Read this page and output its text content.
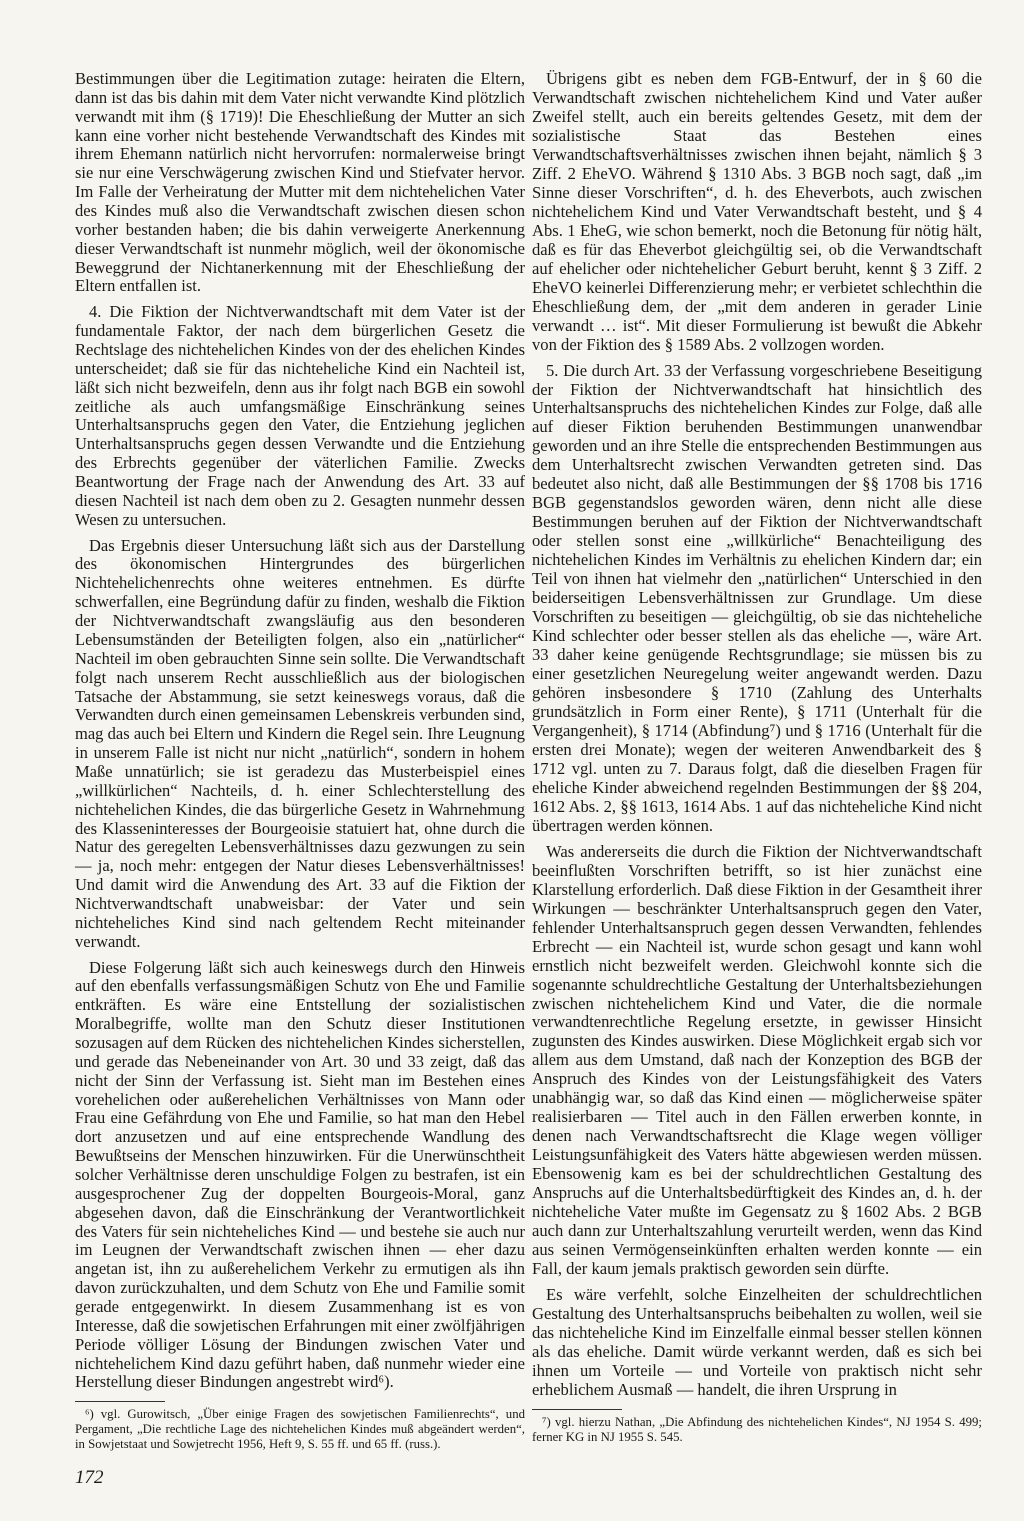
Bestimmungen über die Legitimation zutage: heiraten die Eltern, dann ist das bis dahin mit dem Vater nicht verwandte Kind plötzlich verwandt mit ihm (§ 1719)! Die Eheschließung der Mutter an sich kann eine vorher nicht bestehende Verwandtschaft des Kindes mit ihrem Ehemann natürlich nicht hervorrufen: normalerweise bringt sie nur eine Verschwägerung zwischen Kind und Stiefvater hervor. Im Falle der Verheiratung der Mutter mit dem nichtehelichen Vater des Kindes muß also die Verwandtschaft zwischen diesen schon vorher bestanden haben; die bis dahin verweigerte Anerkennung dieser Verwandtschaft ist nunmehr möglich, weil der ökonomische Beweggrund der Nichtanerkennung mit der Eheschließung der Eltern entfallen ist.

4. Die Fiktion der Nichtverwandtschaft mit dem Vater ist der fundamentale Faktor, der nach dem bürgerlichen Gesetz die Rechtslage des nichtehelichen Kindes von der des ehelichen Kindes unterscheidet; daß sie für das nichteheliche Kind ein Nachteil ist, läßt sich nicht bezweifeln, denn aus ihr folgt nach BGB ein sowohl zeitliche als auch umfangsmäßige Einschränkung seines Unterhaltsanspruchs gegen den Vater, die Entziehung jeglichen Unterhaltsanspruchs gegen dessen Verwandte und die Entziehung des Erbrechts gegenüber der väterlichen Familie. Zwecks Beantwortung der Frage nach der Anwendung des Art. 33 auf diesen Nachteil ist nach dem oben zu 2. Gesagten nunmehr dessen Wesen zu untersuchen.

Das Ergebnis dieser Untersuchung läßt sich aus der Darstellung des ökonomischen Hintergrundes des bürgerlichen Nichtehelichenrechts ohne weiteres entnehmen. Es dürfte schwerfallen, eine Begründung dafür zu finden, weshalb die Fiktion der Nichtverwandtschaft zwangsläufig aus den besonderen Lebensumständen der Beteiligten folgen, also ein „natürlicher“ Nachteil im oben gebrauchten Sinne sein sollte. Die Verwandtschaft folgt nach unserem Recht ausschließlich aus der biologischen Tatsache der Abstammung, sie setzt keineswegs voraus, daß die Verwandten durch einen gemeinsamen Lebenskreis verbunden sind, mag das auch bei Eltern und Kindern die Regel sein. Ihre Leugnung in unserem Falle ist nicht nur nicht „natürlich“, sondern in hohem Maße unnatürlich; sie ist geradezu das Musterbeispiel eines „willkürlichen“ Nachteils, d. h. einer Schlechterstellung des nichtehelichen Kindes, die das bürgerliche Gesetz in Wahrnehmung des Klasseninteresses der Bourgeoisie statuiert hat, ohne durch die Natur des geregelten Lebensverhältnisses dazu gezwungen zu sein — ja, noch mehr: entgegen der Natur dieses Lebensverhältnisses! Und damit wird die Anwendung des Art. 33 auf die Fiktion der Nichtverwandtschaft unabweisbar: der Vater und sein nichteheliches Kind sind nach geltendem Recht miteinander verwandt.

Diese Folgerung läßt sich auch keineswegs durch den Hinweis auf den ebenfalls verfassungsmäßigen Schutz von Ehe und Familie entkräften. Es wäre eine Entstellung der sozialistischen Moralbegriffe, wollte man den Schutz dieser Institutionen sozusagen auf dem Rücken des nichtehelichen Kindes sicherstellen, und gerade das Nebeneinander von Art. 30 und 33 zeigt, daß das nicht der Sinn der Verfassung ist. Sieht man im Bestehen eines vorehelichen oder außerehelichen Verhältnisses von Mann oder Frau eine Gefährdung von Ehe und Familie, so hat man den Hebel dort anzusetzen und auf eine entsprechende Wandlung des Bewußtseins der Menschen hinzuwirken. Für die Unerwünschtheit solcher Verhältnisse deren unschuldige Folgen zu bestrafen, ist ein ausgesprochener Zug der doppelten Bourgeois-Moral, ganz abgesehen davon, daß die Einschränkung der Verantwortlichkeit des Vaters für sein nichteheliches Kind — und bestehe sie auch nur im Leugnen der Verwandtschaft zwischen ihnen — eher dazu angetan ist, ihn zu außerehelichem Verkehr zu ermutigen als ihn davon zurückzuhalten, und dem Schutz von Ehe und Familie somit gerade entgegenwirkt. In diesem Zusammenhang ist es von Interesse, daß die sowjetischen Erfahrungen mit einer zwölfjährigen Periode völliger Lösung der Bindungen zwischen Vater und nichtehelichem Kind dazu geführt haben, daß nunmehr wieder eine Herstellung dieser Bindungen angestrebt wird⁶).

⁶) vgl. Gurowitsch, „Über einige Fragen des sowjetischen Familienrechts“, und Pergament, „Die rechtliche Lage des nichtehelichen Kindes muß abgeändert werden“, in Sowjetstaat und Sowjetrecht 1956, Heft 9, S. 55 ff. und 65 ff. (russ.).

Übrigens gibt es neben dem FGB-Entwurf, der in § 60 die Verwandtschaft zwischen nichtehelichem Kind und Vater außer Zweifel stellt, auch ein bereits geltendes Gesetz, mit dem der sozialistische Staat das Bestehen eines Verwandtschaftsverhältnisses zwischen ihnen bejaht, nämlich § 3 Ziff. 2 EheVO. Während § 1310 Abs. 3 BGB noch sagt, daß „im Sinne dieser Vorschriften“, d. h. des Eheverbots, auch zwischen nichtehelichem Kind und Vater Verwandtschaft besteht, und § 4 Abs. 1 EheG, wie schon bemerkt, noch die Betonung für nötig hält, daß es für das Eheverbot gleichgültig sei, ob die Verwandtschaft auf ehelicher oder nichtehelicher Geburt beruht, kennt § 3 Ziff. 2 EheVO keinerlei Differenzierung mehr; er verbietet schlechthin die Eheschließung dem, der „mit dem anderen in gerader Linie verwandt … ist“. Mit dieser Formulierung ist bewußt die Abkehr von der Fiktion des § 1589 Abs. 2 vollzogen worden.

5. Die durch Art. 33 der Verfassung vorgeschriebene Beseitigung der Fiktion der Nichtverwandtschaft hat hinsichtlich des Unterhaltsanspruchs des nichtehelichen Kindes zur Folge, daß alle auf dieser Fiktion beruhenden Bestimmungen unanwendbar geworden und an ihre Stelle die entsprechenden Bestimmungen aus dem Unterhaltsrecht zwischen Verwandten getreten sind. Das bedeutet also nicht, daß alle Bestimmungen der §§ 1708 bis 1716 BGB gegenstandslos geworden wären, denn nicht alle diese Bestimmungen beruhen auf der Fiktion der Nichtverwandtschaft oder stellen sonst eine „willkürliche“ Benachteiligung des nichtehelichen Kindes im Verhältnis zu ehelichen Kindern dar; ein Teil von ihnen hat vielmehr den „natürlichen“ Unterschied in den beiderseitigen Lebensverhältnissen zur Grundlage. Um diese Vorschriften zu beseitigen — gleichgültig, ob sie das nichteheliche Kind schlechter oder besser stellen als das eheliche —, wäre Art. 33 daher keine genügende Rechtsgrundlage; sie müssen bis zu einer gesetzlichen Neuregelung weiter angewandt werden. Dazu gehören insbesondere § 1710 (Zahlung des Unterhalts grundsätzlich in Form einer Rente), § 1711 (Unterhalt für die Vergangenheit), § 1714 (Abfindung⁷) und § 1716 (Unterhalt für die ersten drei Monate); wegen der weiteren Anwendbarkeit des § 1712 vgl. unten zu 7. Daraus folgt, daß die dieselben Fragen für eheliche Kinder abweichend regelnden Bestimmungen der §§ 204, 1612 Abs. 2, §§ 1613, 1614 Abs. 1 auf das nichteheliche Kind nicht übertragen werden können.

Was andererseits die durch die Fiktion der Nichtverwandtschaft beeinflußten Vorschriften betrifft, so ist hier zunächst eine Klarstellung erforderlich. Daß diese Fiktion in der Gesamtheit ihrer Wirkungen — beschränkter Unterhaltsanspruch gegen den Vater, fehlender Unterhaltsanspruch gegen dessen Verwandten, fehlendes Erbrecht — ein Nachteil ist, wurde schon gesagt und kann wohl ernstlich nicht bezweifelt werden. Gleichwohl konnte sich die sogenannte schuldrechtliche Gestaltung der Unterhaltsbeziehungen zwischen nichtehelichem Kind und Vater, die die normale verwandtenrechtliche Regelung ersetzte, in gewisser Hinsicht zugunsten des Kindes auswirken. Diese Möglichkeit ergab sich vor allem aus dem Umstand, daß nach der Konzeption des BGB der Anspruch des Kindes von der Leistungsfähigkeit des Vaters unabhängig war, so daß das Kind einen — möglicherweise später realisierbaren — Titel auch in den Fällen erwerben konnte, in denen nach Verwandtschaftsrecht die Klage wegen völliger Leistungsunfähigkeit des Vaters hätte abgewiesen werden müssen. Ebensowenig kam es bei der schuldrechtlichen Gestaltung des Anspruchs auf die Unterhaltsbedürftigkeit des Kindes an, d. h. der nichteheliche Vater mußte im Gegensatz zu § 1602 Abs. 2 BGB auch dann zur Unterhaltszahlung verurteilt werden, wenn das Kind aus seinen Vermögenseinkünften erhalten werden konnte — ein Fall, der kaum jemals praktisch geworden sein dürfte.

Es wäre verfehlt, solche Einzelheiten der schuldrechtlichen Gestaltung des Unterhaltsanspruchs beibehalten zu wollen, weil sie das nichteheliche Kind im Einzelfalle einmal besser stellen können als das eheliche. Damit würde verkannt werden, daß es sich bei ihnen um Vorteile — und Vorteile von praktisch nicht sehr erheblichem Ausmaß — handelt, die ihren Ursprung in

⁷) vgl. hierzu Nathan, „Die Abfindung des nichtehelichen Kindes“, NJ 1954 S. 499; ferner KG in NJ 1955 S. 545.

172
